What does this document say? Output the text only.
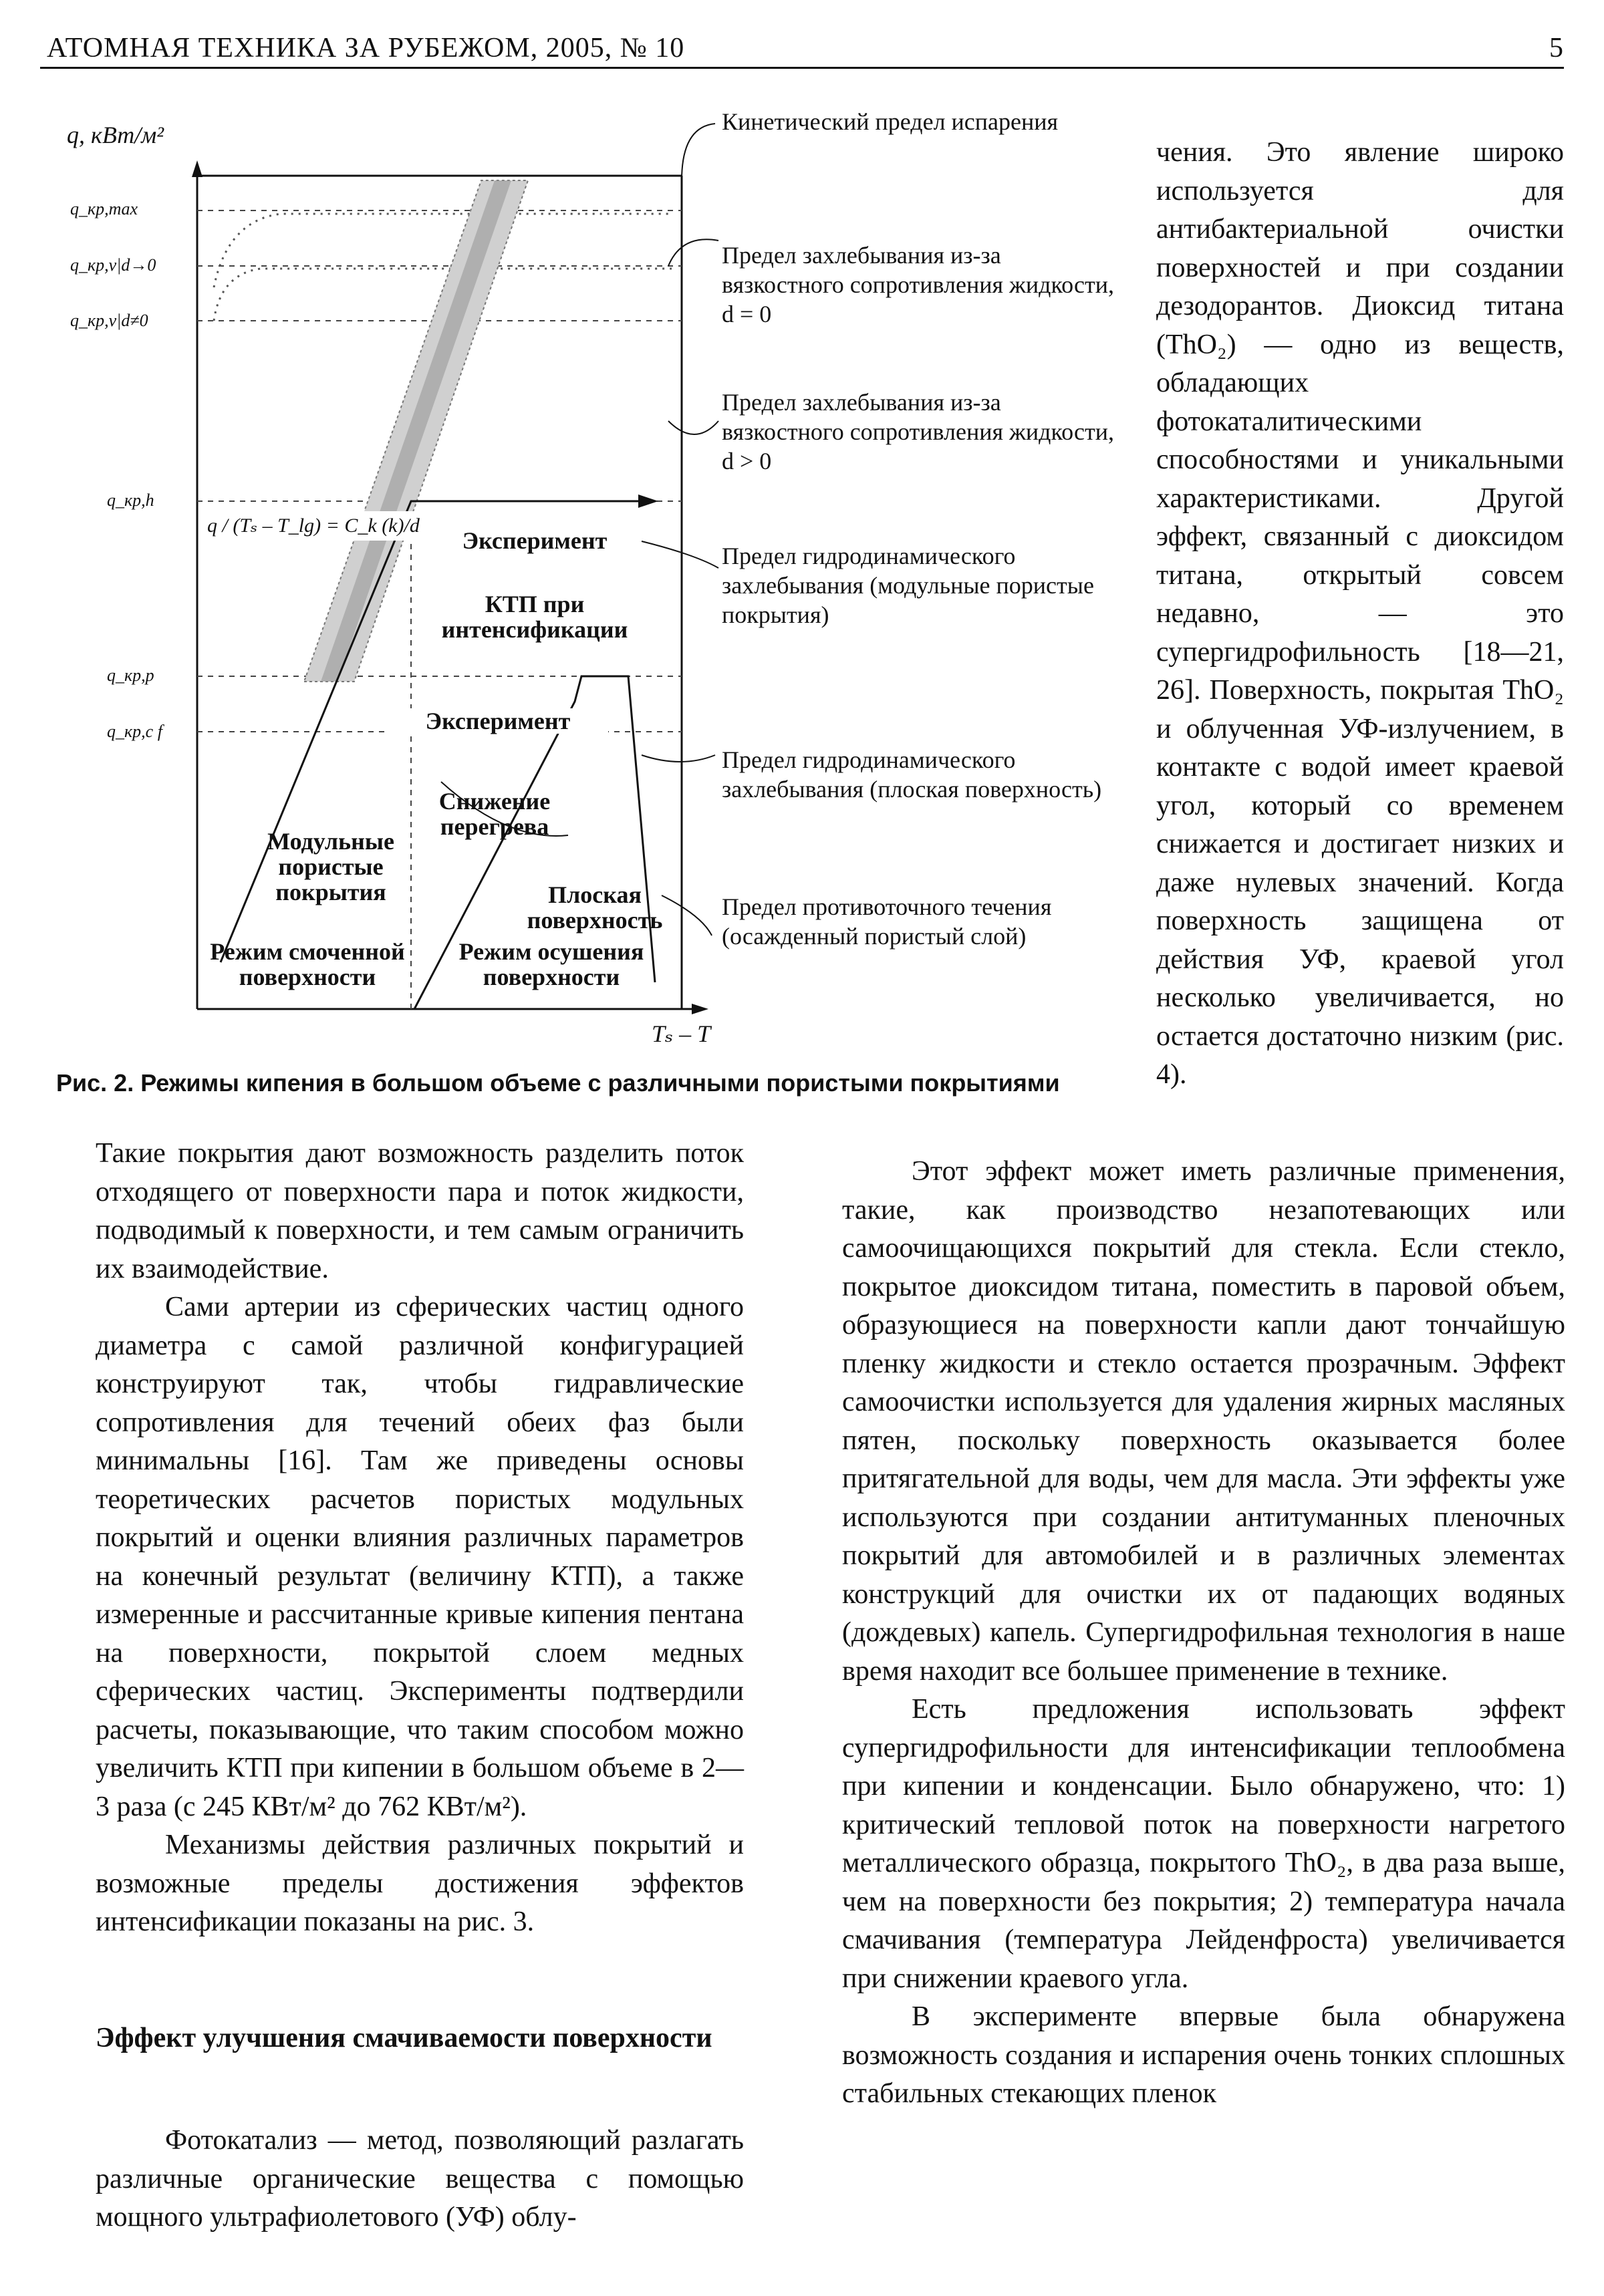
АТОМНАЯ ТЕХНИКА ЗА РУБЕЖОМ, 2005, № 10	5
q, кВт/м²
q_кр,max
q_кр,ν|d→0
q_кр,ν|d≠0
q_кр,h
q_кр,p
q_кр,c f
q / (Tₛ – T_lg) = C_k (k)/d
Эксперимент
КТП при интенсификации
Эксперимент
Снижение перегрева
Модульные пористые покрытия	Плоская поверхность
Режим смоченной поверхности
Режим осушения поверхности
Tₛ – T
Кинетический предел испарения
Предел захлебывания из-за вязкостного сопротивления жидкости, d = 0
Предел захлебывания из-за вязкостного сопротивления жидкости, d > 0
Предел гидродинамического захлебывания (модульные пористые покрытия)
Предел гидродинамического захлебывания (плоская поверхность)
Предел противоточного течения (осажденный пористый слой)
Рис. 2. Режимы кипения в большом объеме с различными пористыми покрытиями

чения. Это явление широко используется для антибактериальной очистки поверхностей и при создании дезодорантов. Диоксид титана (ThO₂) — одно из веществ, обладающих фотокаталитическими способностями и уникальными характеристиками. Другой эффект, связанный с диоксидом титана, открытый совсем недавно, — это супергидрофильность [18—21, 26]. Поверхность, покрытая ThO₂ и облученная УФ-излучением, в контакте с водой имеет краевой угол, который со временем снижается и достигает низких и даже нулевых значений. Когда поверхность защищена от действия УФ, краевой угол несколько увеличивается, но остается достаточно низким (рис. 4).

Такие покрытия дают возможность разделить поток отходящего от поверхности пара и поток жидкости, подводимый к поверхности, и тем самым ограничить их взаимодействие.

Сами артерии из сферических частиц одного диаметра с самой различной конфигурацией конструируют так, чтобы гидравлические сопротивления для течений обеих фаз были минимальны [16]. Там же приведены основы теоретических расчетов пористых модульных покрытий и оценки влияния различных параметров на конечный результат (величину КТП), а также измеренные и рассчитанные кривые кипения пентана на поверхности, покрытой слоем медных сферических частиц. Эксперименты подтвердили расчеты, показывающие, что таким способом можно увеличить КТП при кипении в большом объеме в 2—3 раза (с 245 КВт/м² до 762 КВт/м²).

Механизмы действия различных покрытий и возможные пределы достижения эффектов интенсификации показаны на рис. 3.

Эффект улучшения смачиваемости поверхности

Фотокатализ — метод, позволяющий разлагать различные органические вещества с помощью мощного ультрафиолетового (УФ) облу-

Этот эффект может иметь различные применения, такие, как производство незапотевающих или самоочищающихся покрытий для стекла. Если стекло, покрытое диоксидом титана, поместить в паровой объем, образующиеся на поверхности капли дают тончайшую пленку жидкости и стекло остается прозрачным. Эффект самоочистки используется для удаления жирных масляных пятен, поскольку поверхность оказывается более притягательной для воды, чем для масла. Эти эффекты уже используются при создании антитуманных пленочных покрытий для автомобилей и в различных элементах конструкций для очистки их от падающих водяных (дождевых) капель. Супергидрофильная технология в наше время находит все большее применение в технике.

Есть предложения использовать эффект супергидрофильности для интенсификации теплообмена при кипении и конденсации. Было обнаружено, что: 1) критический тепловой поток на поверхности нагретого металлического образца, покрытого ThO₂, в два раза выше, чем на поверхности без покрытия; 2) температура начала смачивания (температура Лейденфроста) увеличивается при снижении краевого угла.

В эксперименте впервые была обнаружена возможность создания и испарения очень тонких сплошных стабильных стекающих пленок
